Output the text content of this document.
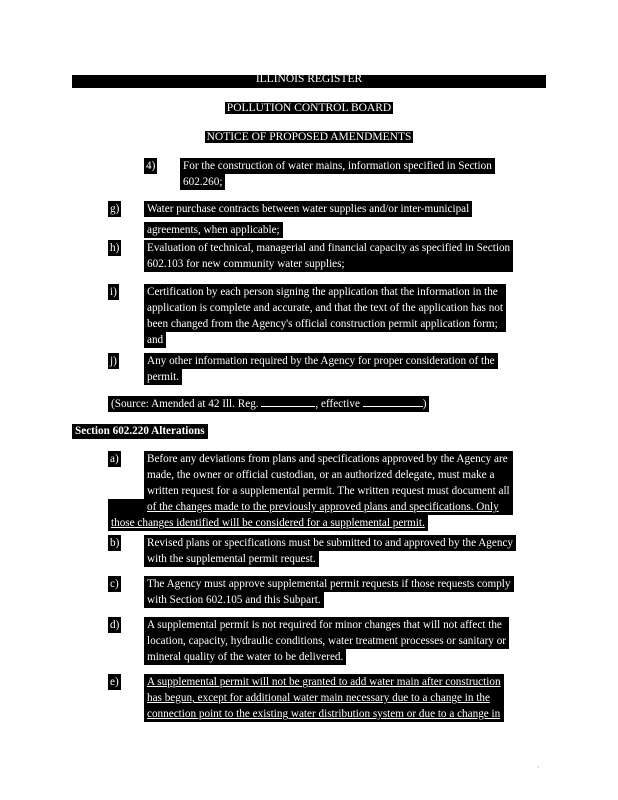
ILLINOIS REGISTER
POLLUTION CONTROL BOARD
NOTICE OF PROPOSED AMENDMENTS
4) For the construction of water mains, information specified in Section
602.260;
g) Water purchase contracts between water supplies and/or inter-municipal
agreements, when applicable;
h) Evaluation of technical, managerial and financial capacity as specified in Section
602.103 for new community water supplies;
i)	Certification by each person signing the application that the information in the
application is complete and accurate, and that the text of the application has not
been changed from the Agency's official construction permit application form;
and
j)	Any other information required by the Agency for proper consideration of the
permit.
(Source: Amended at 42 Ill. Reg.	, effective	)
Section 602.220 Alterations
a)	Before any deviations from plans and specifications approved by the Agency are
made, the owner or official custodian, or an authorized delegate, must make a
written request for a supplemental permit. The written request must document all
of the changes made to the previously approved plans and specifications. Only
those changes identified will be considered for a supplemental permit.
b) Revised plans or specifications must be submitted to and approved by the Agency
with the supplemental permit request.
c)	The Agency must approve supplemental permit requests if those requests comply
with Section 602.105 and this Subpart.
d) A supplemental permit is not required for minor changes that will not affect the
location, capacity, hydraulic conditions, water treatment processes or sanitary or
mineral quality of the water to be delivered.
e)	A supplemental permit will not be granted to add water main after construction
has begun, except for additional water main necessary due to a change in the
connection point to the existing water distribution system or due to a change in
